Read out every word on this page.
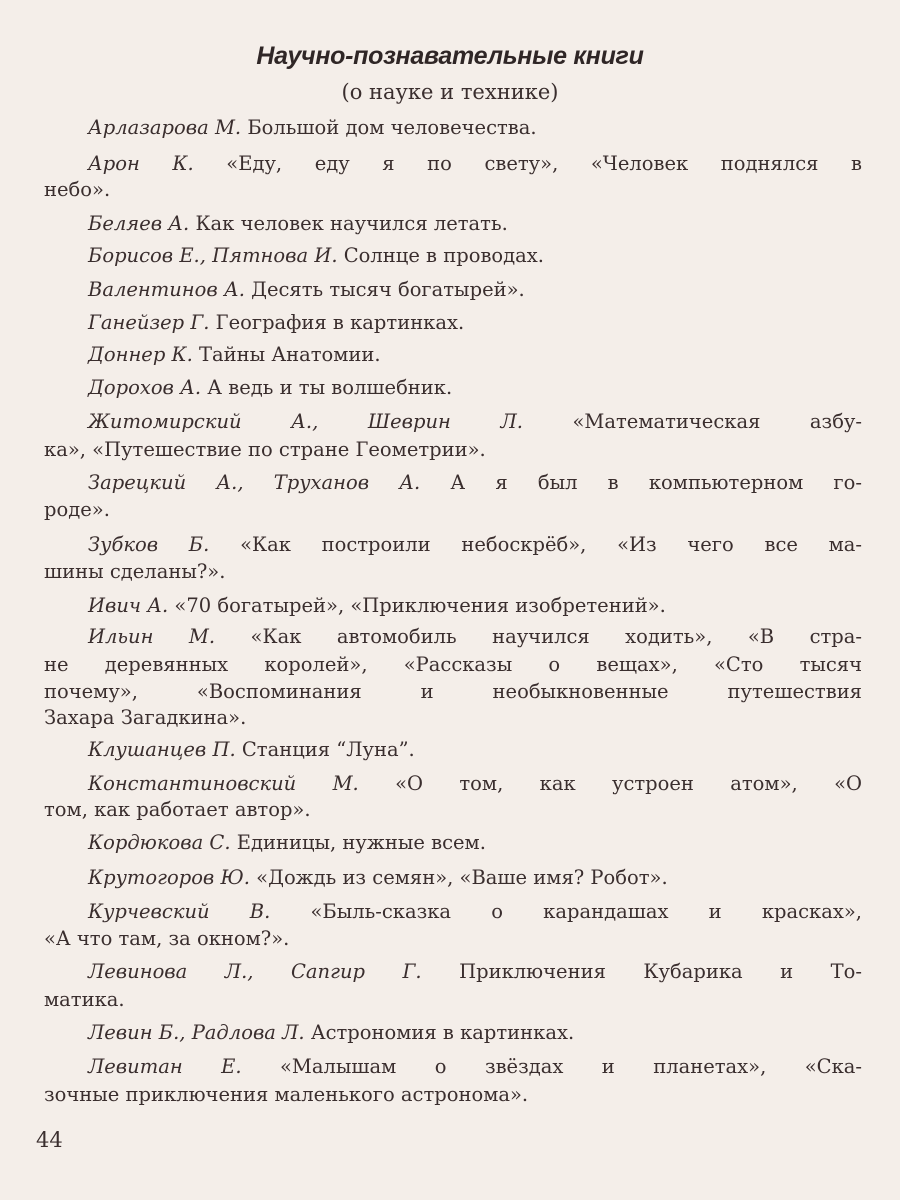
Научно-познавательные книги
(о науке и технике)
Арлазарова М. Большой дом человечества.
Арон К. «Еду, еду я по свету», «Человек поднялся в
небо».
Беляев А. Как человек научился летать.
Борисов Е., Пятнова И. Солнце в проводах.
Валентинов А. Десять тысяч богатырей».
Ганейзер Г. География в картинках.
Доннер К. Тайны Анатомии.
Дорохов А. А ведь и ты волшебник.
Житомирский А., Шеврин Л.	«Математическая азбу-
ка», «Путешествие по стране Геометрии».
Зарецкий А., Труханов А. А я был в компьютерном го-
роде».
Зубков Б. «Как построили небоскрёб», «Из чего все ма-
шины сделаны?».
Ивич А. «70 богатырей», «Приключения изобретений».
Ильин М. «Как автомобиль научился ходить», «В стра-
не деревянных королей», «Рассказы о вещах», «Сто тысяч
почему», «Воспоминания и необыкновенные путешествия
Захара Загадкина».
Клушанцев П. Станция “Луна”.
Константиновский М. «О том, как устроен атом», «О
том, как работает автор».
Кордюкова С. Единицы, нужные всем.
Крутогоров Ю. «Дождь из семян», «Ваше имя? Робот».
Курчевский В. «Быль-сказка о карандашах и красках»,
«А что там, за окном?».
Левинова Л., Сапгир Г. Приключения Кубарика и То-
матика.
Левин Б., Радлова Л. Астрономия в картинках.
Левитан Е. «Малышам о звёздах и планетах», «Ска-
зочные приключения маленького астронома».
44
